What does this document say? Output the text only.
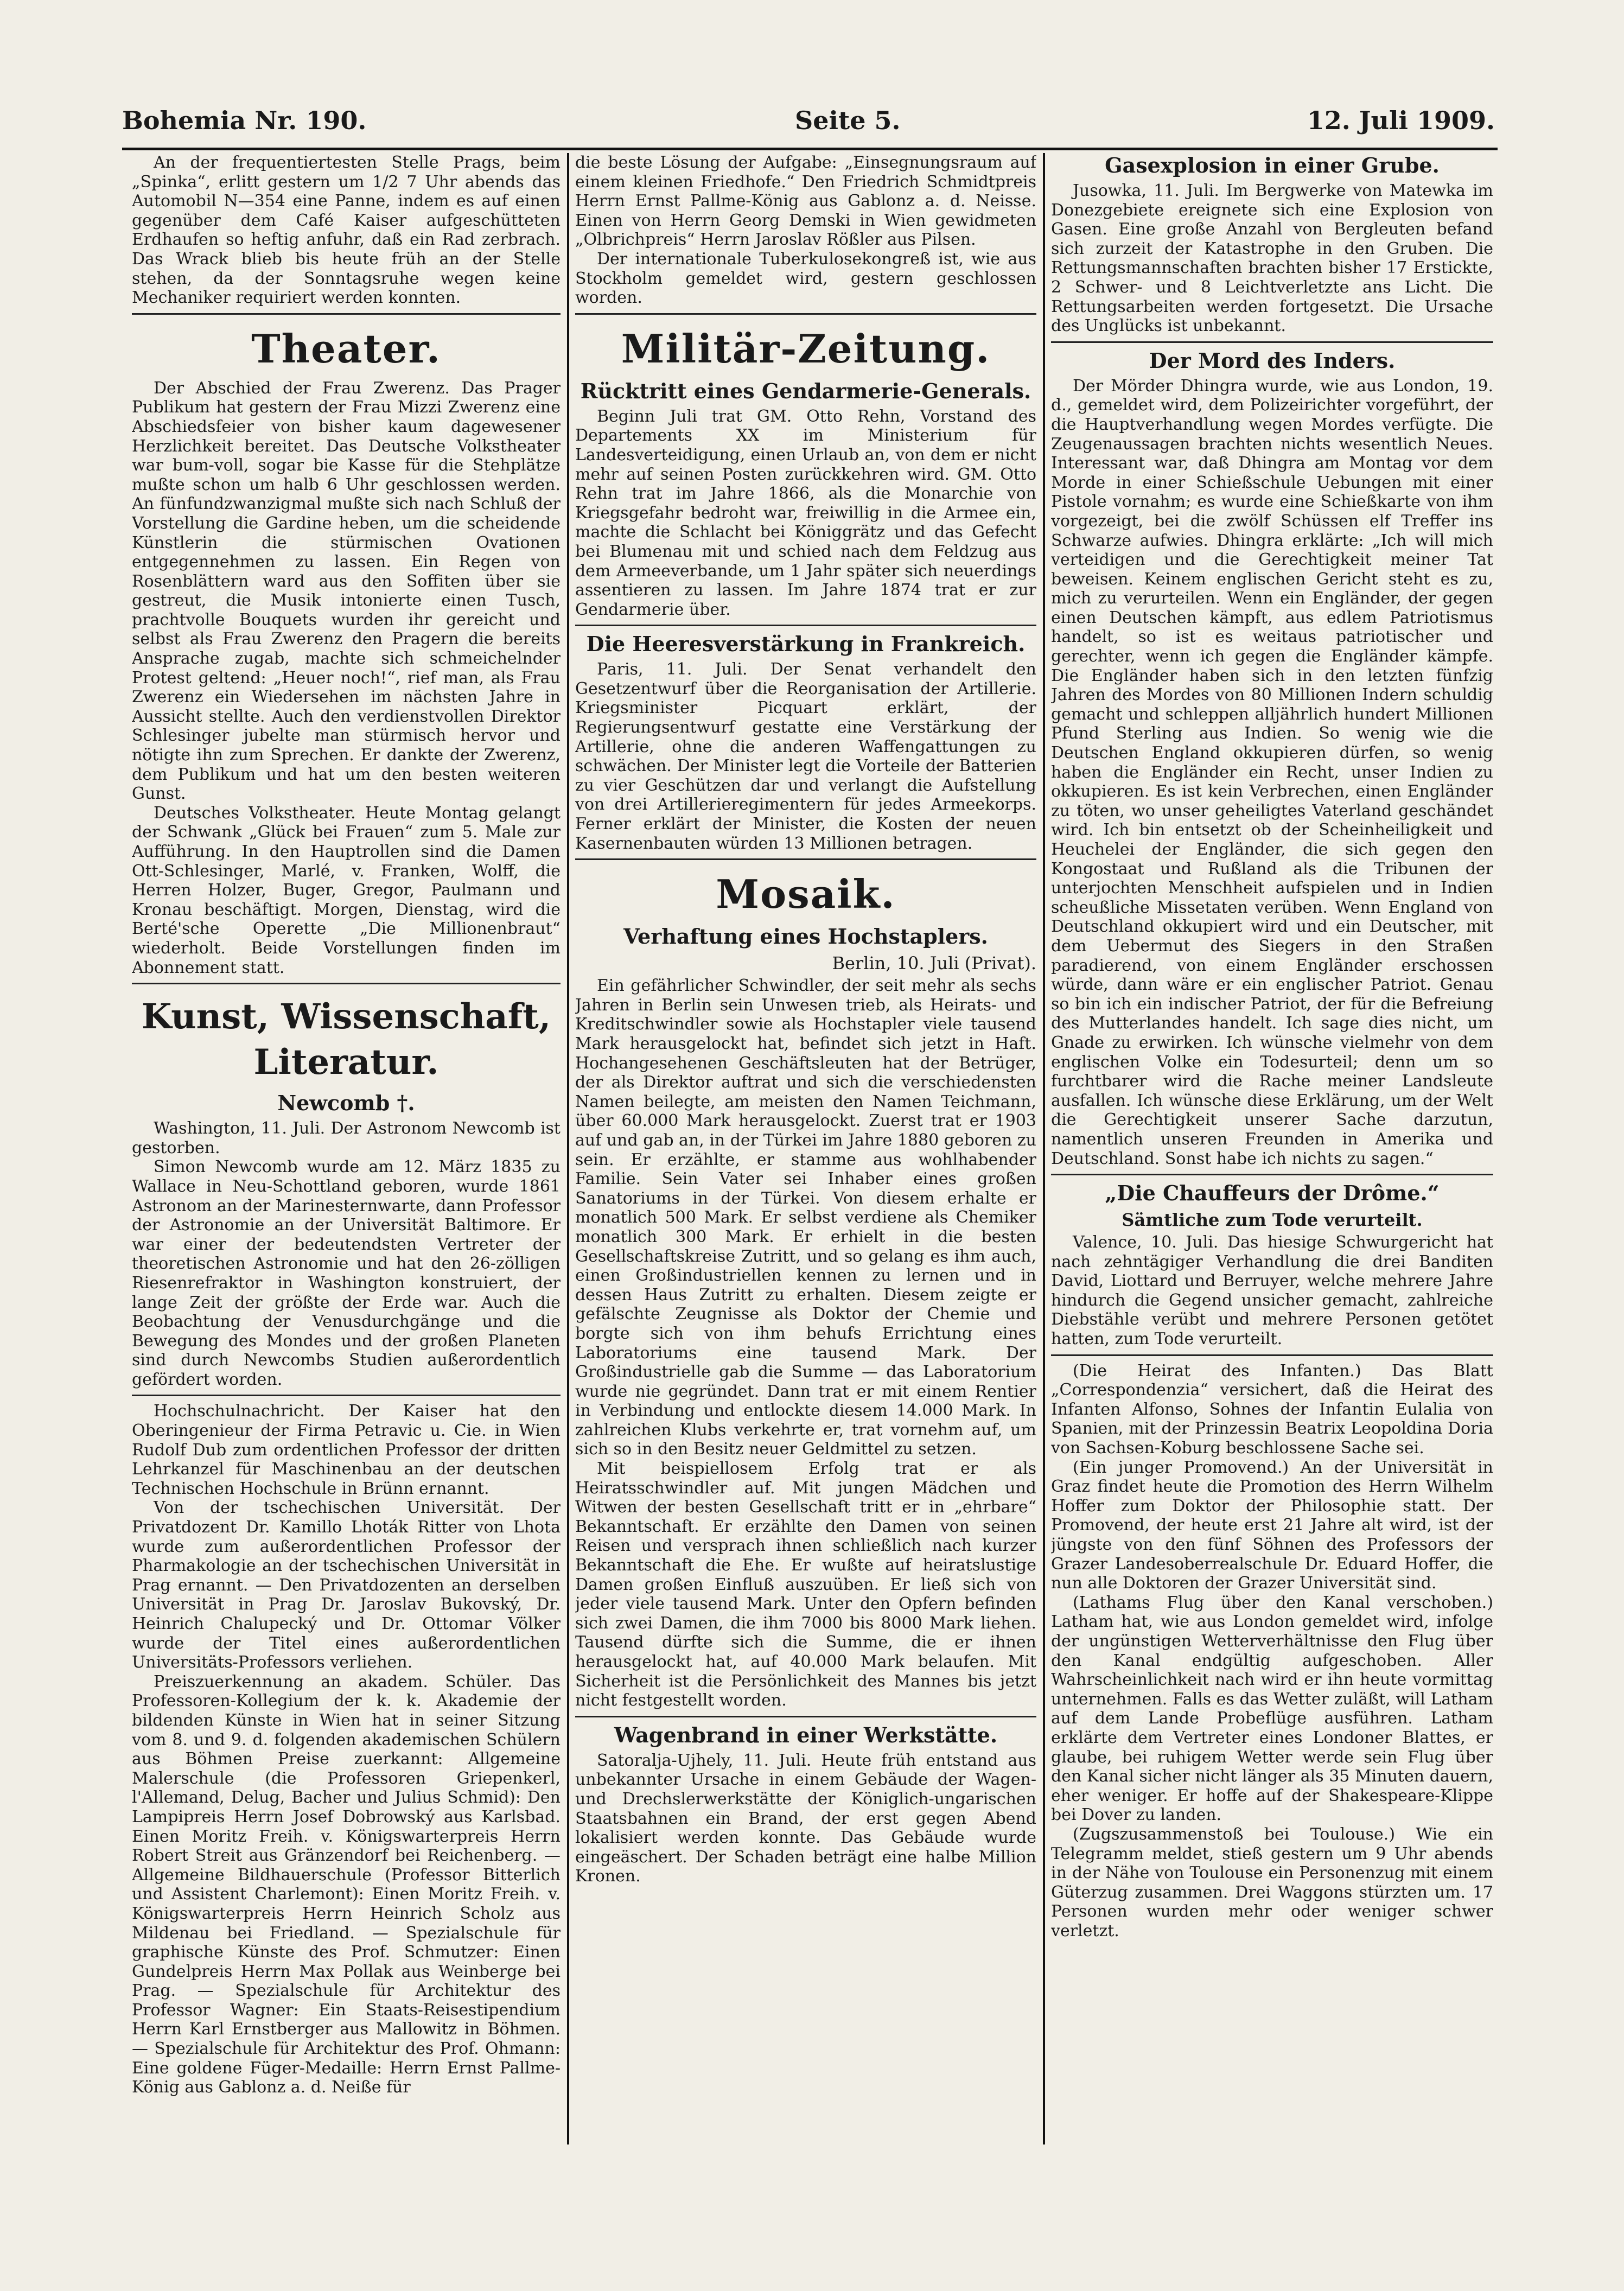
Bohemia Nr. 190.	Seite 5.	12. Juli 1909.

An der frequentiertesten Stelle Prags, beim „Spinka“, erlitt gestern um 1/2 7 Uhr abends das Automobil N—354 eine Panne, indem es auf einen gegenüber dem Café Kaiser aufgeschütteten Erdhaufen so heftig anfuhr, daß ein Rad zerbrach. Das Wrack blieb bis heute früh an der Stelle stehen, da der Sonntagsruhe wegen keine Mechaniker requiriert werden konnten.

Theater.

Der Abschied der Frau Zwerenz. Das Prager Publikum hat gestern der Frau Mizzi Zwerenz eine Abschiedsfeier von bisher kaum dagewesener Herzlichkeit bereitet. Das Deutsche Volkstheater war bum-voll, sogar bie Kasse für die Stehplätze mußte schon um halb 6 Uhr geschlossen werden. An fünfundzwanzigmal mußte sich nach Schluß der Vorstellung die Gardine heben, um die scheidende Künstlerin die stürmischen Ovationen entgegennehmen zu lassen. Ein Regen von Rosenblättern ward aus den Soffiten über sie gestreut, die Musik intonierte einen Tusch, prachtvolle Bouquets wurden ihr gereicht und selbst als Frau Zwerenz den Pragern die bereits Ansprache zugab, machte sich schmeichelnder Protest geltend: „Heuer noch!“, rief man, als Frau Zwerenz ein Wiedersehen im nächsten Jahre in Aussicht stellte. Auch den verdienstvollen Direktor Schlesinger jubelte man stürmisch hervor und nötigte ihn zum Sprechen. Er dankte der Zwerenz, dem Publikum und hat um den besten weiteren Gunst.

Deutsches Volkstheater. Heute Montag gelangt der Schwank „Glück bei Frauen“ zum 5. Male zur Aufführung. In den Hauptrollen sind die Damen Ott-Schlesinger, Marlé, v. Franken, Wolff, die Herren Holzer, Buger, Gregor, Paulmann und Kronau beschäftigt. Morgen, Dienstag, wird die Berté'sche Operette „Die Millionenbraut“ wiederholt. Beide Vorstellungen finden im Abonnement statt.

Kunst, Wissenschaft, Literatur.
Newcomb †.

Washington, 11. Juli. Der Astronom Newcomb ist gestorben.

Simon Newcomb wurde am 12. März 1835 zu Wallace in Neu-Schottland geboren, wurde 1861 Astronom an der Marinesternwarte, dann Professor der Astronomie an der Universität Baltimore. Er war einer der bedeutendsten Vertreter der theoretischen Astronomie und hat den 26-zölligen Riesenrefraktor in Washington konstruiert, der lange Zeit der größte der Erde war. Auch die Beobachtung der Venusdurchgänge und die Bewegung des Mondes und der großen Planeten sind durch Newcombs Studien außerordentlich gefördert worden.

Hochschulnachricht. Der Kaiser hat den Oberingenieur der Firma Petravic u. Cie. in Wien Rudolf Dub zum ordentlichen Professor der dritten Lehrkanzel für Maschinenbau an der deutschen Technischen Hochschule in Brünn ernannt.

Von der tschechischen Universität. Der Privatdozent Dr. Kamillo Lhoták Ritter von Lhota wurde zum außerordentlichen Professor der Pharmakologie an der tschechischen Universität in Prag ernannt. — Den Privatdozenten an derselben Universität in Prag Dr. Jaroslav Bukovský, Dr. Heinrich Chalupecký und Dr. Ottomar Völker wurde der Titel eines außerordentlichen Universitäts-Professors verliehen.

Preiszuerkennung an akadem. Schüler. Das Professoren-Kollegium der k. k. Akademie der bildenden Künste in Wien hat in seiner Sitzung vom 8. und 9. d. folgenden akademischen Schülern aus Böhmen Preise zuerkannt: Allgemeine Malerschule (die Professoren Griepenkerl, l'Allemand, Delug, Bacher und Julius Schmid): Den Lampipreis Herrn Josef Dobrowský aus Karlsbad. Einen Moritz Freih. v. Königswarterpreis Herrn Robert Streit aus Gränzendorf bei Reichenberg. — Allgemeine Bildhauerschule (Professor Bitterlich und Assistent Charlemont): Einen Moritz Freih. v. Königswarterpreis Herrn Heinrich Scholz aus Mildenau bei Friedland. — Spezialschule für graphische Künste des Prof. Schmutzer: Einen Gundelpreis Herrn Max Pollak aus Weinberge bei Prag. — Spezialschule für Architektur des Professor Wagner: Ein Staats-Reisestipendium Herrn Karl Ernstberger aus Mallowitz in Böhmen. — Spezialschule für Architektur des Prof. Ohmann: Eine goldene Füger-Medaille: Herrn Ernst Pallme-König aus Gablonz a. d. Neiße für

die beste Lösung der Aufgabe: „Einsegnungsraum auf einem kleinen Friedhofe.“ Den Friedrich Schmidtpreis Herrn Ernst Pallme-König aus Gablonz a. d. Neisse. Einen von Herrn Georg Demski in Wien gewidmeten „Olbrichpreis“ Herrn Jaroslav Rößler aus Pilsen.

Der internationale Tuberkulosekongreß ist, wie aus Stockholm gemeldet wird, gestern geschlossen worden.

Militär-Zeitung.
Rücktritt eines Gendarmerie-Generals.

Beginn Juli trat GM. Otto Rehn, Vorstand des Departements XX im Ministerium für Landesverteidigung, einen Urlaub an, von dem er nicht mehr auf seinen Posten zurückkehren wird. GM. Otto Rehn trat im Jahre 1866, als die Monarchie von Kriegsgefahr bedroht war, freiwillig in die Armee ein, machte die Schlacht bei Königgrätz und das Gefecht bei Blumenau mit und schied nach dem Feldzug aus dem Armeeverbande, um 1 Jahr später sich neuerdings assentieren zu lassen. Im Jahre 1874 trat er zur Gendarmerie über.

Die Heeresverstärkung in Frankreich.

Paris, 11. Juli. Der Senat verhandelt den Gesetzentwurf über die Reorganisation der Artillerie. Kriegsminister Picquart erklärt, der Regierungsentwurf gestatte eine Verstärkung der Artillerie, ohne die anderen Waffengattungen zu schwächen. Der Minister legt die Vorteile der Batterien zu vier Geschützen dar und verlangt die Aufstellung von drei Artillerieregimentern für jedes Armeekorps. Ferner erklärt der Minister, die Kosten der neuen Kasernenbauten würden 13 Millionen betragen.

Mosaik.
Verhaftung eines Hochstaplers.
Berlin, 10. Juli (Privat).

Ein gefährlicher Schwindler, der seit mehr als sechs Jahren in Berlin sein Unwesen trieb, als Heirats- und Kreditschwindler sowie als Hochstapler viele tausend Mark herausgelockt hat, befindet sich jetzt in Haft. Hochangesehenen Geschäftsleuten hat der Betrüger, der als Direktor auftrat und sich die verschiedensten Namen beilegte, am meisten den Namen Teichmann, über 60.000 Mark herausgelockt. Zuerst trat er 1903 auf und gab an, in der Türkei im Jahre 1880 geboren zu sein. Er erzählte, er stamme aus wohlhabender Familie. Sein Vater sei Inhaber eines großen Sanatoriums in der Türkei. Von diesem erhalte er monatlich 500 Mark. Er selbst verdiene als Chemiker monatlich 300 Mark. Er erhielt in die besten Gesellschaftskreise Zutritt, und so gelang es ihm auch, einen Großindustriellen kennen zu lernen und in dessen Haus Zutritt zu erhalten. Diesem zeigte er gefälschte Zeugnisse als Doktor der Chemie und borgte sich von ihm behufs Errichtung eines Laboratoriums eine tausend Mark. Der Großindustrielle gab die Summe — das Laboratorium wurde nie gegründet. Dann trat er mit einem Rentier in Verbindung und entlockte diesem 14.000 Mark. In zahlreichen Klubs verkehrte er, trat vornehm auf, um sich so in den Besitz neuer Geldmittel zu setzen.

Mit beispiellosem Erfolg trat er als Heiratsschwindler auf. Mit jungen Mädchen und Witwen der besten Gesellschaft tritt er in „ehrbare“ Bekanntschaft. Er erzählte den Damen von seinen Reisen und versprach ihnen schließlich nach kurzer Bekanntschaft die Ehe. Er wußte auf heiratslustige Damen großen Einfluß auszuüben. Er ließ sich von jeder viele tausend Mark. Unter den Opfern befinden sich zwei Damen, die ihm 7000 bis 8000 Mark liehen. Tausend dürfte sich die Summe, die er ihnen herausgelockt hat, auf 40.000 Mark belaufen. Mit Sicherheit ist die Persönlichkeit des Mannes bis jetzt nicht festgestellt worden.

Wagenbrand in einer Werkstätte.

Satoralja-Ujhely, 11. Juli. Heute früh entstand aus unbekannter Ursache in einem Gebäude der Wagen- und Drechslerwerkstätte der Königlich-ungarischen Staatsbahnen ein Brand, der erst gegen Abend lokalisiert werden konnte. Das Gebäude wurde eingeäschert. Der Schaden beträgt eine halbe Million Kronen.

Gasexplosion in einer Grube.

Jusowka, 11. Juli. Im Bergwerke von Matewka im Donezgebiete ereignete sich eine Explosion von Gasen. Eine große Anzahl von Bergleuten befand sich zurzeit der Katastrophe in den Gruben. Die Rettungsmannschaften brachten bisher 17 Erstickte, 2 Schwer- und 8 Leichtverletzte ans Licht. Die Rettungsarbeiten werden fortgesetzt. Die Ursache des Unglücks ist unbekannt.

Der Mord des Inders.

Der Mörder Dhingra wurde, wie aus London, 19. d., gemeldet wird, dem Polizeirichter vorgeführt, der die Hauptverhandlung wegen Mordes verfügte. Die Zeugenaussagen brachten nichts wesentlich Neues. Interessant war, daß Dhingra am Montag vor dem Morde in einer Schießschule Uebungen mit einer Pistole vornahm; es wurde eine Schießkarte von ihm vorgezeigt, bei die zwölf Schüssen elf Treffer ins Schwarze aufwies. Dhingra erklärte: „Ich will mich verteidigen und die Gerechtigkeit meiner Tat beweisen. Keinem englischen Gericht steht es zu, mich zu verurteilen. Wenn ein Engländer, der gegen einen Deutschen kämpft, aus edlem Patriotismus handelt, so ist es weitaus patriotischer und gerechter, wenn ich gegen die Engländer kämpfe. Die Engländer haben sich in den letzten fünfzig Jahren des Mordes von 80 Millionen Indern schuldig gemacht und schleppen alljährlich hundert Millionen Pfund Sterling aus Indien. So wenig wie die Deutschen England okkupieren dürfen, so wenig haben die Engländer ein Recht, unser Indien zu okkupieren. Es ist kein Verbrechen, einen Engländer zu töten, wo unser geheiligtes Vaterland geschändet wird. Ich bin entsetzt ob der Scheinheiligkeit und Heuchelei der Engländer, die sich gegen den Kongostaat und Rußland als die Tribunen der unterjochten Menschheit aufspielen und in Indien scheußliche Missetaten verüben. Wenn England von Deutschland okkupiert wird und ein Deutscher, mit dem Uebermut des Siegers in den Straßen paradierend, von einem Engländer erschossen würde, dann wäre er ein englischer Patriot. Genau so bin ich ein indischer Patriot, der für die Befreiung des Mutterlandes handelt. Ich sage dies nicht, um Gnade zu erwirken. Ich wünsche vielmehr von dem englischen Volke ein Todesurteil; denn um so furchtbarer wird die Rache meiner Landsleute ausfallen. Ich wünsche diese Erklärung, um der Welt die Gerechtigkeit unserer Sache darzutun, namentlich unseren Freunden in Amerika und Deutschland. Sonst habe ich nichts zu sagen.“

„Die Chauffeurs der Drôme.“
Sämtliche zum Tode verurteilt.

Valence, 10. Juli. Das hiesige Schwurgericht hat nach zehntägiger Verhandlung die drei Banditen David, Liottard und Berruyer, welche mehrere Jahre hindurch die Gegend unsicher gemacht, zahlreiche Diebstähle verübt und mehrere Personen getötet hatten, zum Tode verurteilt.

(Die Heirat des Infanten.) Das Blatt „Correspondenzia“ versichert, daß die Heirat des Infanten Alfonso, Sohnes der Infantin Eulalia von Spanien, mit der Prinzessin Beatrix Leopoldina Doria von Sachsen-Koburg beschlossene Sache sei.

(Ein junger Promovend.) An der Universität in Graz findet heute die Promotion des Herrn Wilhelm Hoffer zum Doktor der Philosophie statt. Der Promovend, der heute erst 21 Jahre alt wird, ist der jüngste von den fünf Söhnen des Professors der Grazer Landesoberrealschule Dr. Eduard Hoffer, die nun alle Doktoren der Grazer Universität sind.

(Lathams Flug über den Kanal verschoben.) Latham hat, wie aus London gemeldet wird, infolge der ungünstigen Wetterverhältnisse den Flug über den Kanal endgültig aufgeschoben. Aller Wahrscheinlichkeit nach wird er ihn heute vormittag unternehmen. Falls es das Wetter zuläßt, will Latham auf dem Lande Probeflüge ausführen. Latham erklärte dem Vertreter eines Londoner Blattes, er glaube, bei ruhigem Wetter werde sein Flug über den Kanal sicher nicht länger als 35 Minuten dauern, eher weniger. Er hoffe auf der Shakespeare-Klippe bei Dover zu landen.

(Zugszusammenstoß bei Toulouse.) Wie ein Telegramm meldet, stieß gestern um 9 Uhr abends in der Nähe von Toulouse ein Personenzug mit einem Güterzug zusammen. Drei Waggons stürzten um. 17 Personen wurden mehr oder weniger schwer verletzt.
